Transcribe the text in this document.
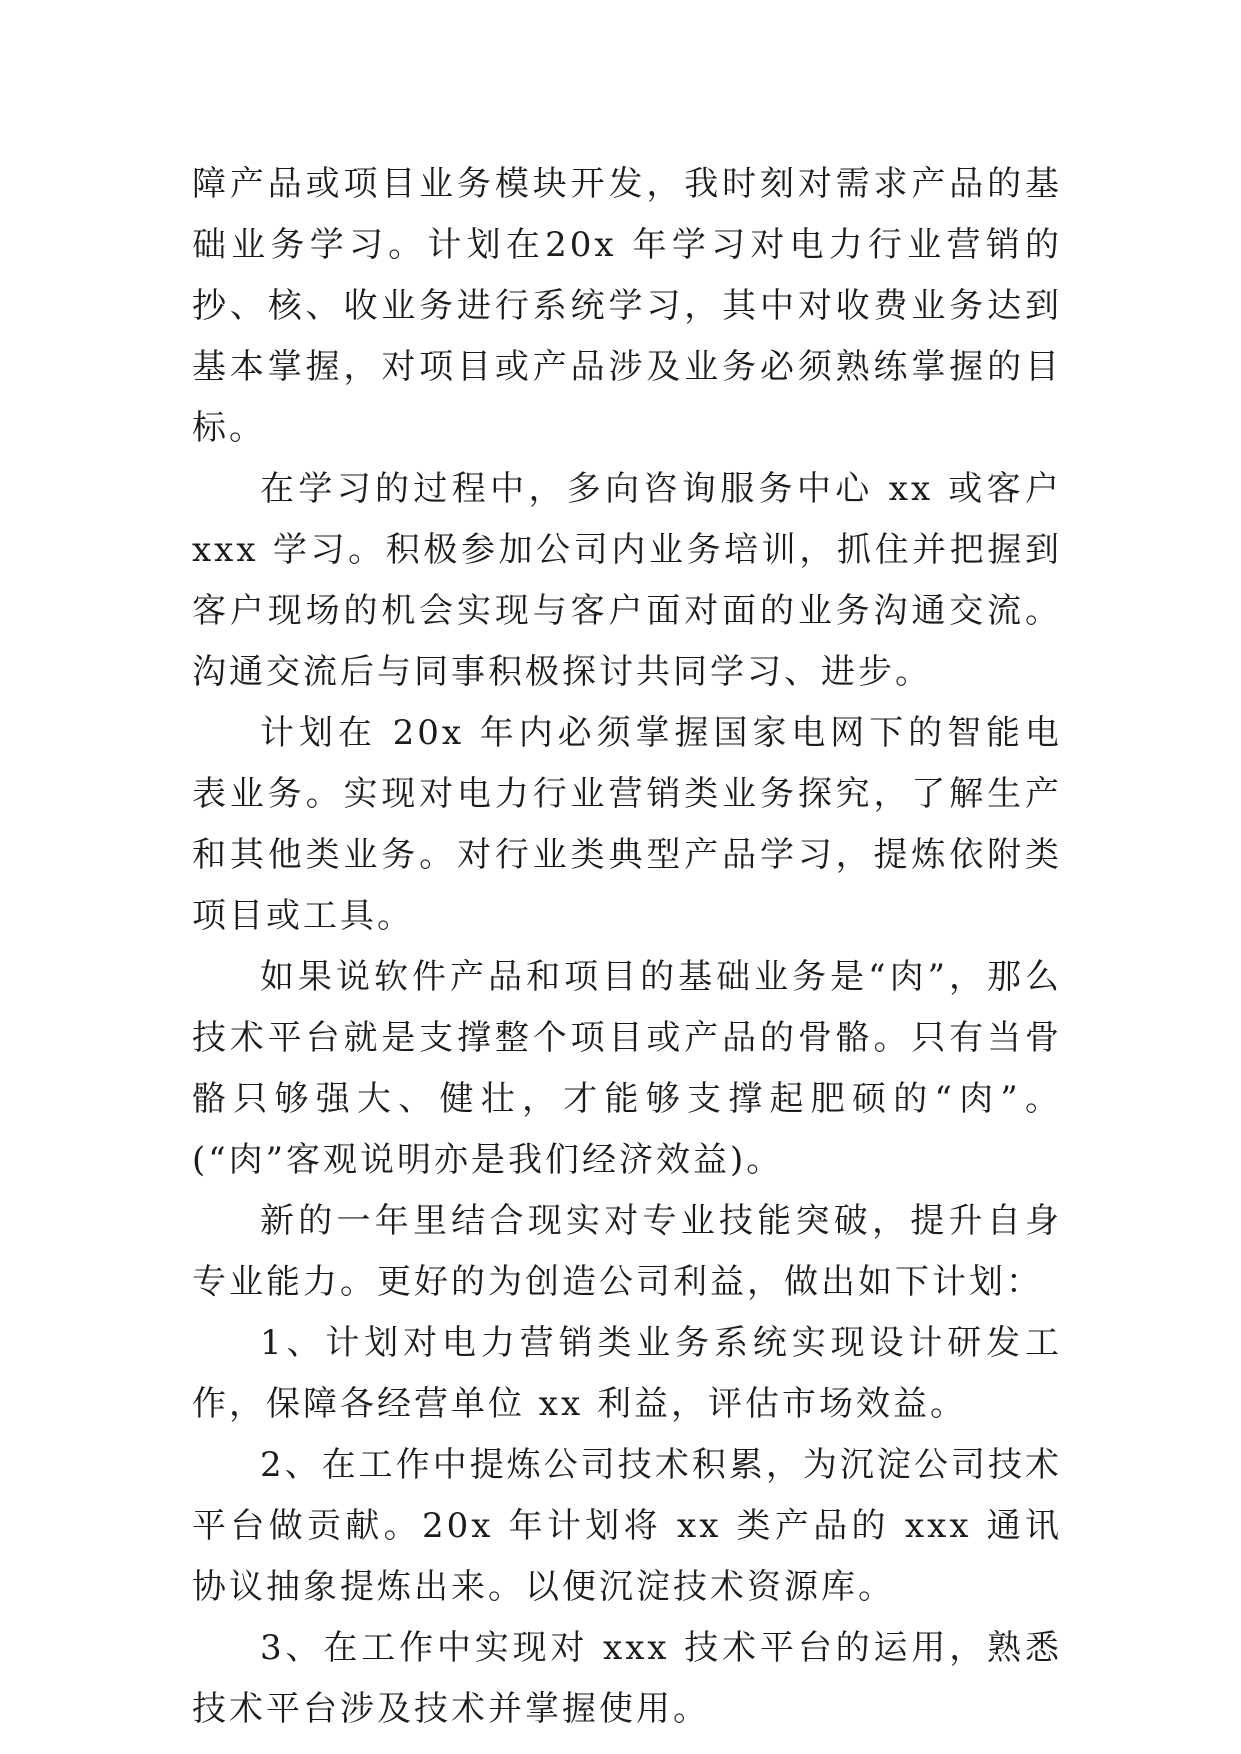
障产品或项目业务模块开发，我时刻对需求产品的基础业务学习。计划在20x 年学习对电力行业营销的抄、核、收业务进行系统学习，其中对收费业务达到基本掌握，对项目或产品涉及业务必须熟练掌握的目标。

在学习的过程中，多向咨询服务中心 xx 或客户 xxx 学习。积极参加公司内业务培训，抓住并把握到客户现场的机会实现与客户面对面的业务沟通交流。沟通交流后与同事积极探讨共同学习、进步。

计划在 20x 年内必须掌握国家电网下的智能电表业务。实现对电力行业营销类业务探究，了解生产和其他类业务。对行业类典型产品学习，提炼依附类项目或工具。

如果说软件产品和项目的基础业务是“肉”，那么技术平台就是支撑整个项目或产品的骨骼。只有当骨骼只够强大、健壮，才能够支撑起肥硕的“肉”。(“肉”客观说明亦是我们经济效益)。

新的一年里结合现实对专业技能突破，提升自身专业能力。更好的为创造公司利益，做出如下计划：

1、计划对电力营销类业务系统实现设计研发工作，保障各经营单位 xx 利益，评估市场效益。

2、在工作中提炼公司技术积累，为沉淀公司技术平台做贡献。20x 年计划将 xx 类产品的 xxx 通讯协议抽象提炼出来。以便沉淀技术资源库。

3、在工作中实现对 xxx 技术平台的运用，熟悉技术平台涉及技术并掌握使用。
